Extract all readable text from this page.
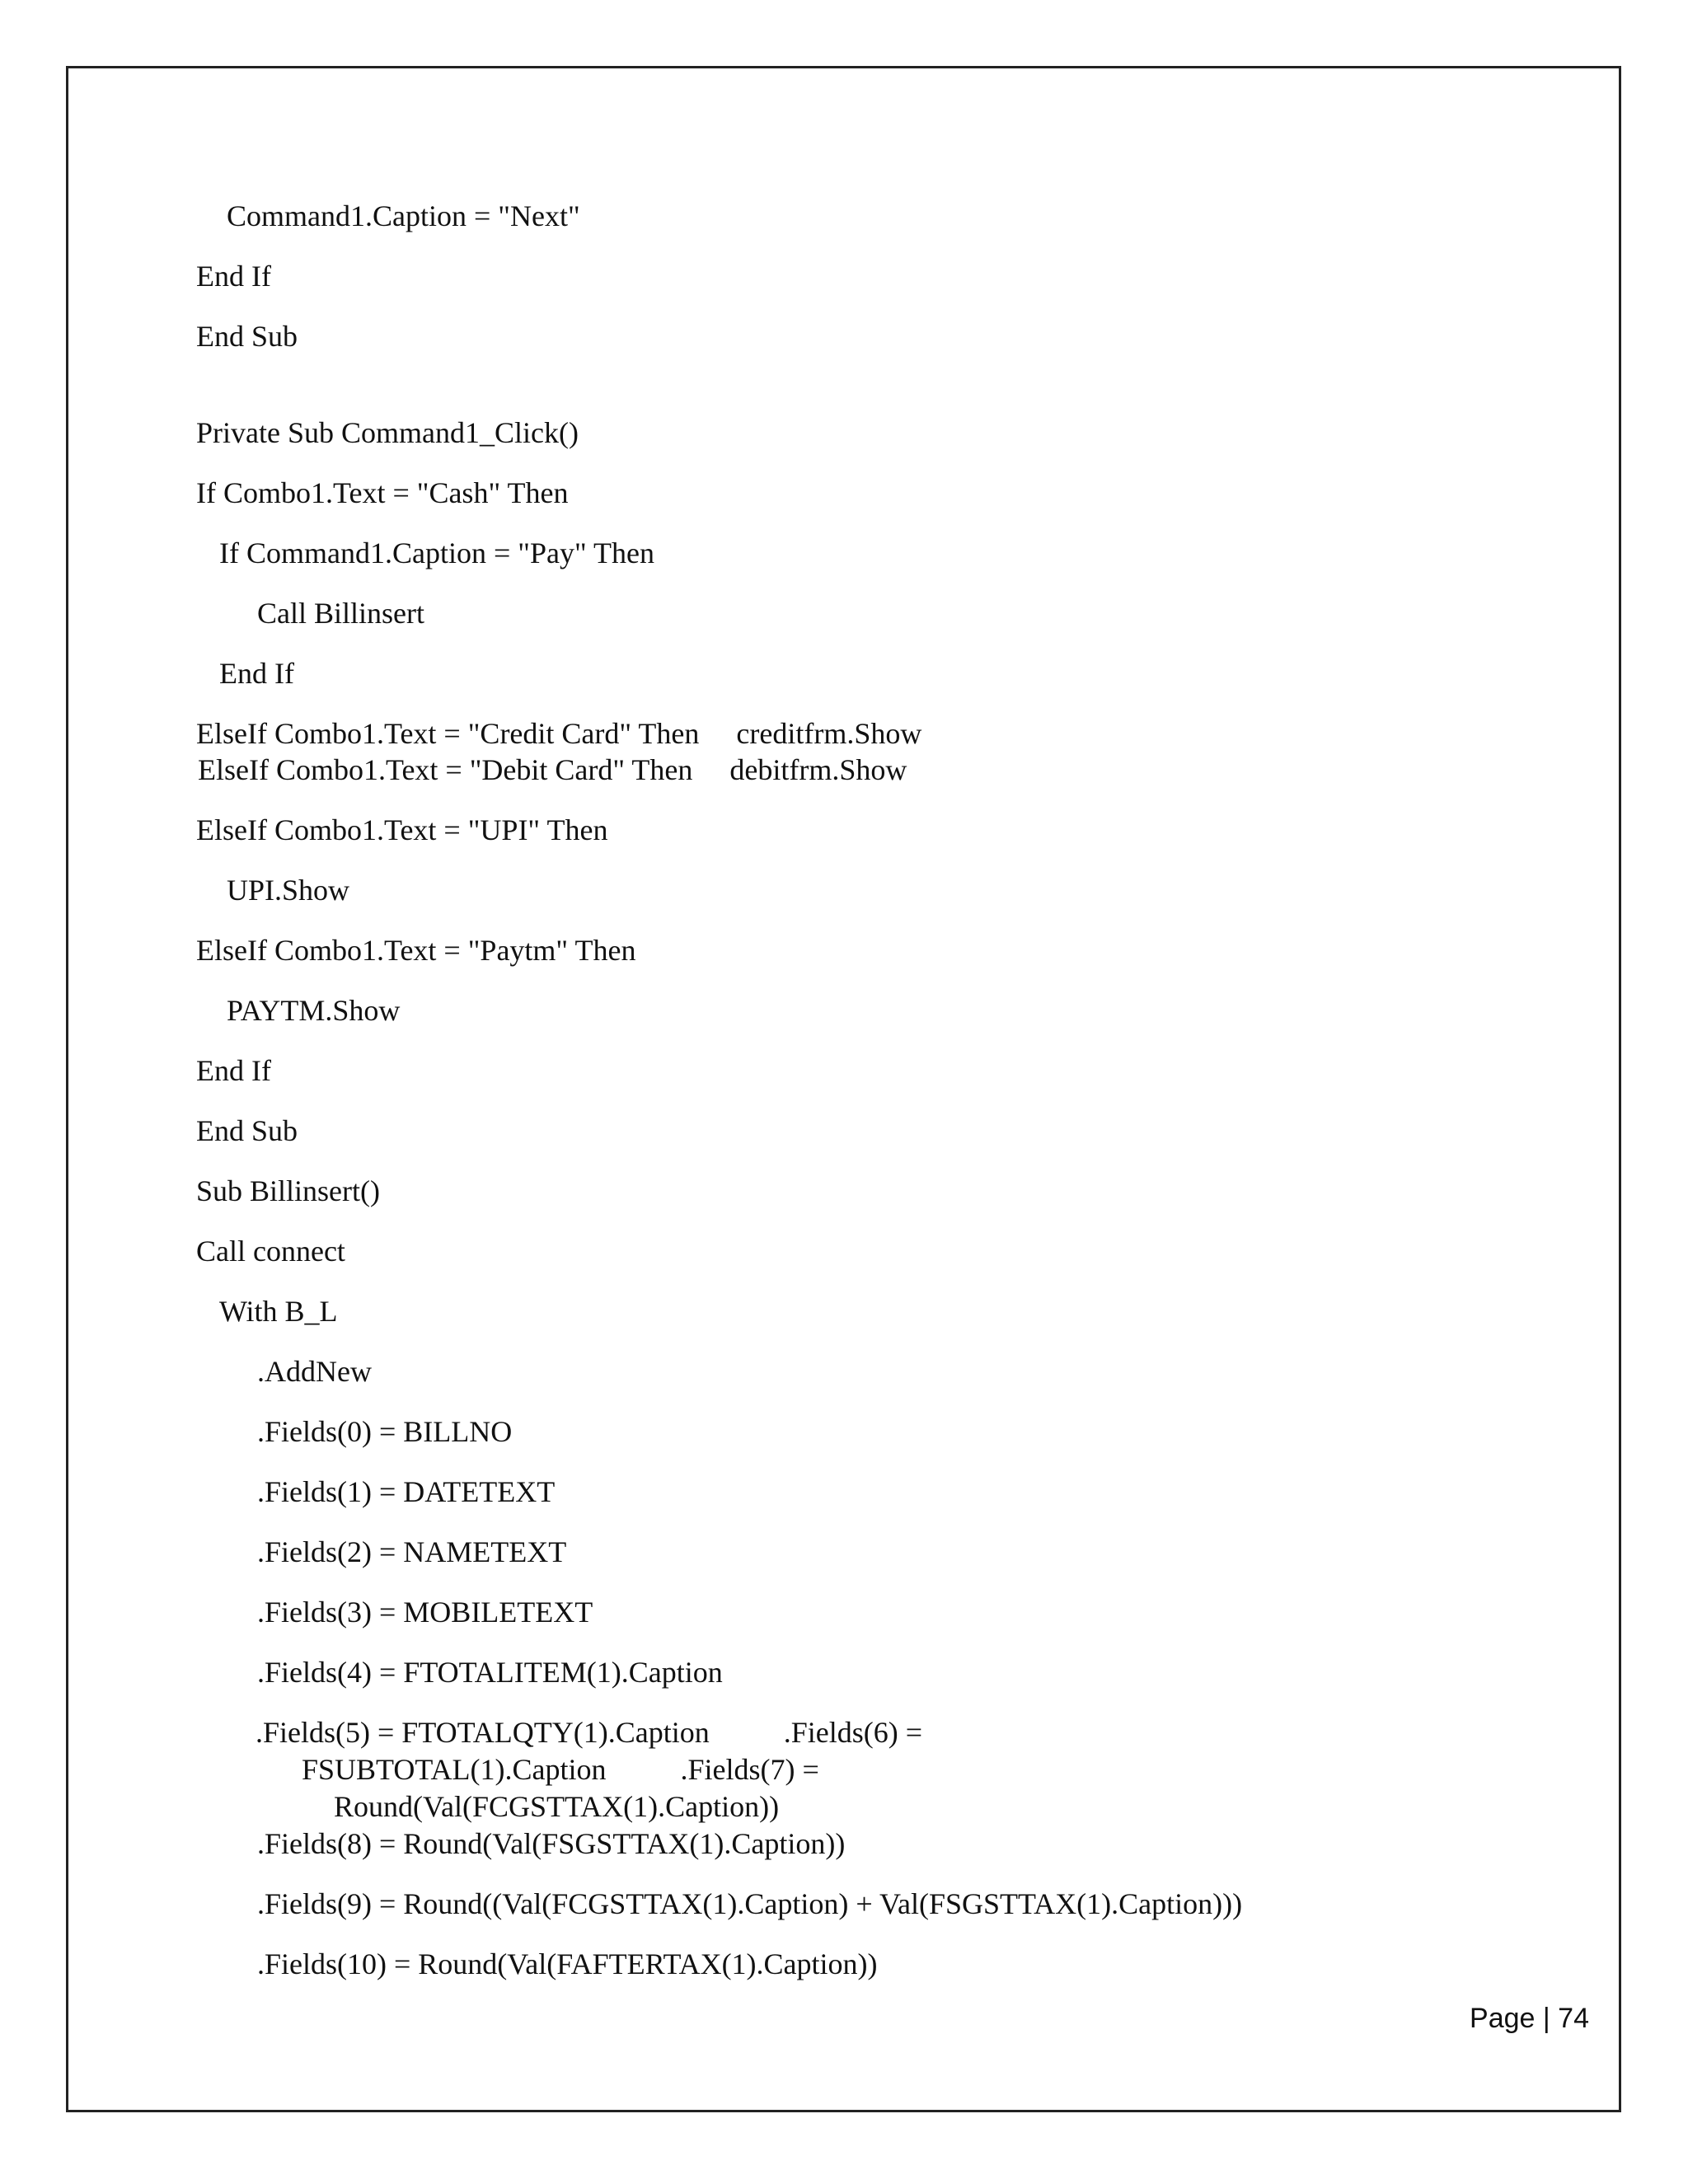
Command1.Caption = "Next"
End If
End Sub
Private Sub Command1_Click()
If Combo1.Text = "Cash" Then
If Command1.Caption = "Pay" Then
Call Billinsert
End If
ElseIf Combo1.Text = "Credit Card" Then     creditfrm.Show
ElseIf Combo1.Text = "Debit Card" Then     debitfrm.Show
ElseIf Combo1.Text = "UPI" Then
UPI.Show
ElseIf Combo1.Text = "Paytm" Then
PAYTM.Show
End If
End Sub
Sub Billinsert()
Call connect
With B_L
.AddNew
.Fields(0) = BILLNO
.Fields(1) = DATETEXT
.Fields(2) = NAMETEXT
.Fields(3) = MOBILETEXT
.Fields(4) = FTOTALITEM(1).Caption
.Fields(5) = FTOTALQTY(1).Caption          .Fields(6) =
FSUBTOTAL(1).Caption          .Fields(7) =
Round(Val(FCGSTTAX(1).Caption))
.Fields(8) = Round(Val(FSGSTTAX(1).Caption))
.Fields(9) = Round((Val(FCGSTTAX(1).Caption) + Val(FSGSTTAX(1).Caption)))
.Fields(10) = Round(Val(FAFTERTAX(1).Caption))
Page | 74
